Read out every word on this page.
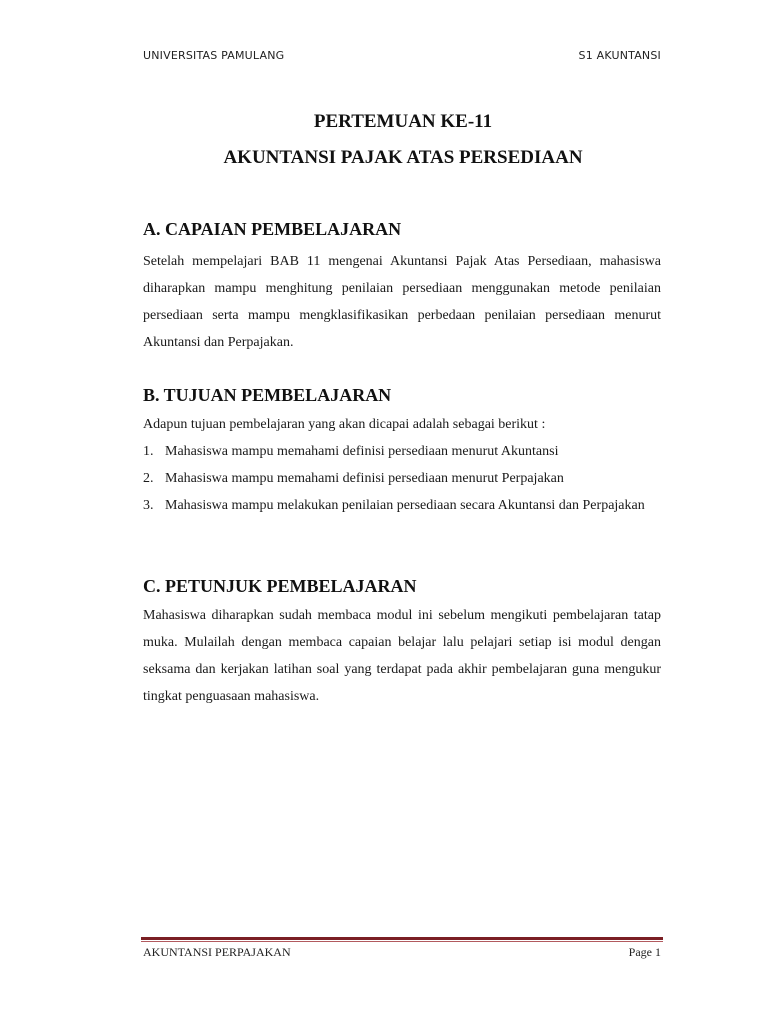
UNIVERSITAS PAMULANG	S1 AKUNTANSI
PERTEMUAN KE-11
AKUNTANSI PAJAK ATAS PERSEDIAAN
A. CAPAIAN PEMBELAJARAN

Setelah mempelajari BAB 11 mengenai Akuntansi Pajak Atas Persediaan, mahasiswa diharapkan mampu menghitung penilaian persediaan menggunakan metode penilaian persediaan serta mampu mengklasifikasikan perbedaan penilaian persediaan menurut Akuntansi dan Perpajakan.

B. TUJUAN PEMBELAJARAN

Adapun tujuan pembelajaran yang akan dicapai adalah sebagai berikut :

1. Mahasiswa mampu memahami definisi persediaan menurut Akuntansi
2. Mahasiswa mampu memahami definisi persediaan menurut Perpajakan
3. Mahasiswa mampu melakukan penilaian persediaan secara Akuntansi dan Perpajakan
C. PETUNJUK PEMBELAJARAN

Mahasiswa diharapkan sudah membaca modul ini sebelum mengikuti pembelajaran tatap muka. Mulailah dengan membaca capaian belajar lalu pelajari setiap isi modul dengan seksama dan kerjakan latihan soal yang terdapat pada akhir pembelajaran guna mengukur tingkat penguasaan mahasiswa.

AKUNTANSI PERPAJAKAN	Page 1
